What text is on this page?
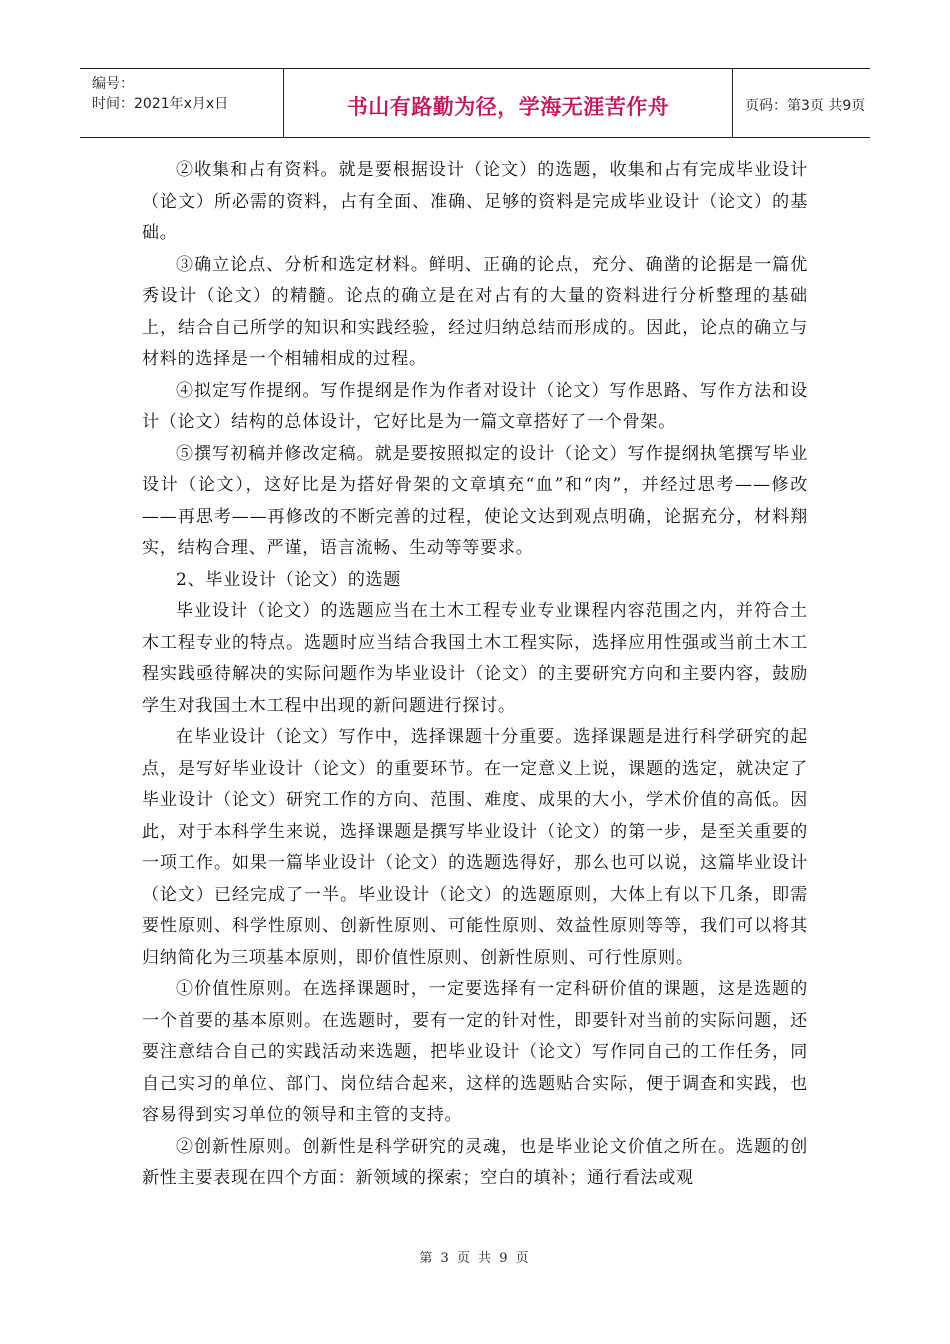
编号：
时间：2021年x月x日	书山有路勤为径，学海无涯苦作舟	页码：第3页 共9页

②收集和占有资料。就是要根据设计（论文）的选题，收集和占有完成毕业设计（论文）所必需的资料，占有全面、准确、足够的资料是完成毕业设计（论文）的基础。

③确立论点、分析和选定材料。鲜明、正确的论点，充分、确凿的论据是一篇优秀设计（论文）的精髓。论点的确立是在对占有的大量的资料进行分析整理的基础上，结合自己所学的知识和实践经验，经过归纳总结而形成的。因此，论点的确立与材料的选择是一个相辅相成的过程。

④拟定写作提纲。写作提纲是作为作者对设计（论文）写作思路、写作方法和设计（论文）结构的总体设计，它好比是为一篇文章搭好了一个骨架。

⑤撰写初稿并修改定稿。就是要按照拟定的设计（论文）写作提纲执笔撰写毕业设计（论文），这好比是为搭好骨架的文章填充“血”和“肉”，并经过思考——修改——再思考——再修改的不断完善的过程，使论文达到观点明确，论据充分，材料翔实，结构合理、严谨，语言流畅、生动等等要求。

2、毕业设计（论文）的选题

毕业设计（论文）的选题应当在土木工程专业专业课程内容范围之内，并符合土木工程专业的特点。选题时应当结合我国土木工程实际，选择应用性强或当前土木工程实践亟待解决的实际问题作为毕业设计（论文）的主要研究方向和主要内容，鼓励学生对我国土木工程中出现的新问题进行探讨。

在毕业设计（论文）写作中，选择课题十分重要。选择课题是进行科学研究的起点，是写好毕业设计（论文）的重要环节。在一定意义上说，课题的选定，就决定了毕业设计（论文）研究工作的方向、范围、难度、成果的大小，学术价值的高低。因此，对于本科学生来说，选择课题是撰写毕业设计（论文）的第一步，是至关重要的一项工作。如果一篇毕业设计（论文）的选题选得好，那么也可以说，这篇毕业设计（论文）已经完成了一半。毕业设计（论文）的选题原则，大体上有以下几条，即需要性原则、科学性原则、创新性原则、可能性原则、效益性原则等等，我们可以将其归纳简化为三项基本原则，即价值性原则、创新性原则、可行性原则。

①价值性原则。在选择课题时，一定要选择有一定科研价值的课题，这是选题的一个首要的基本原则。在选题时，要有一定的针对性，即要针对当前的实际问题，还要注意结合自己的实践活动来选题，把毕业设计（论文）写作同自己的工作任务，同自己实习的单位、部门、岗位结合起来，这样的选题贴合实际，便于调查和实践，也容易得到实习单位的领导和主管的支持。

②创新性原则。创新性是科学研究的灵魂，也是毕业论文价值之所在。选题的创新性主要表现在四个方面：新领域的探索；空白的填补；通行看法或观

第 3 页 共 9 页
